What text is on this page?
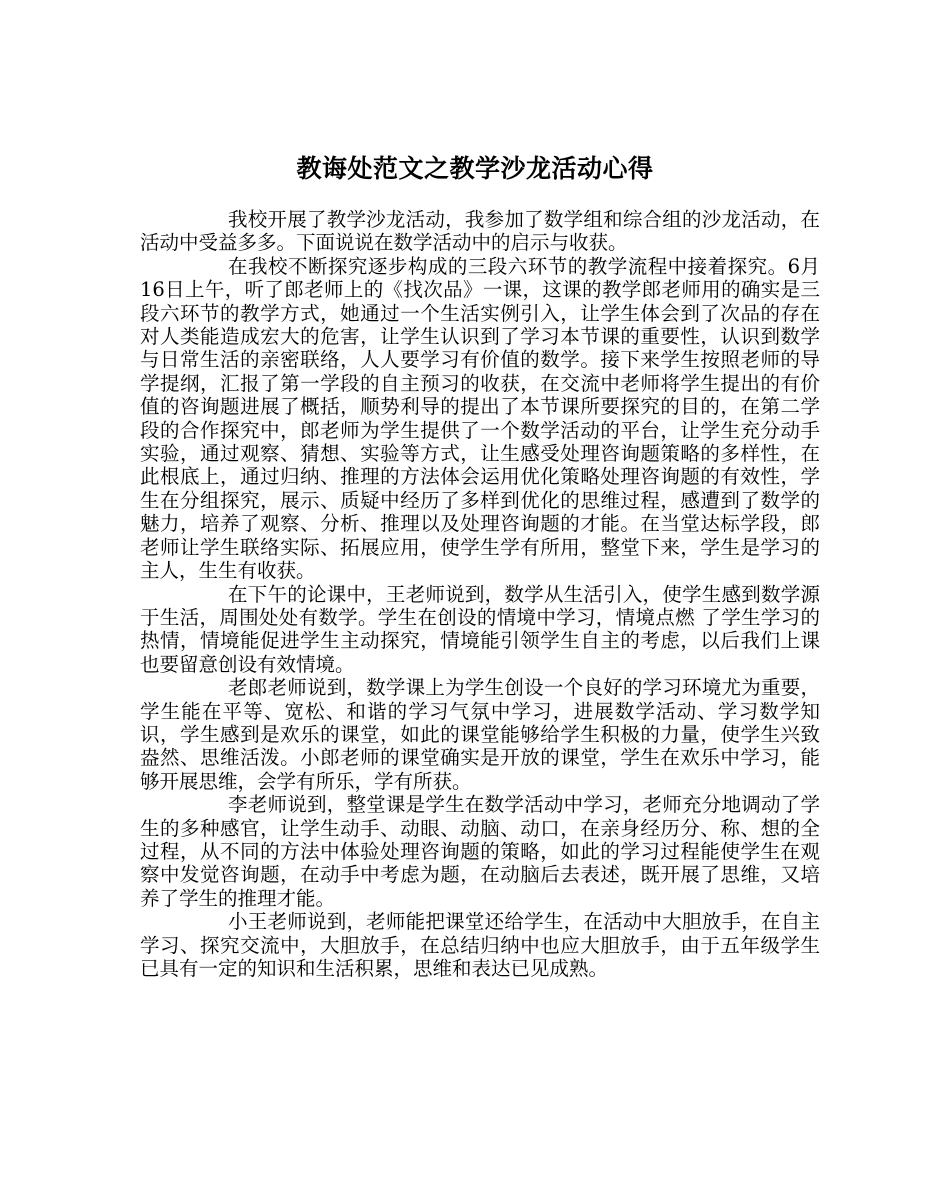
教诲处范文之教学沙龙活动心得

我校开展了教学沙龙活动，我参加了数学组和综合组的沙龙活动，在活动中受益多多。下面说说在数学活动中的启示与收获。

在我校不断探究逐步构成的三段六环节的教学流程中接着探究。6月16日上午，听了郎老师上的《找次品》一课，这课的教学郎老师用的确实是三段六环节的教学方式，她通过一个生活实例引入，让学生体会到了次品的存在对人类能造成宏大的危害，让学生认识到了学习本节课的重要性，认识到数学与日常生活的亲密联络，人人要学习有价值的数学。接下来学生按照老师的导学提纲，汇报了第一学段的自主预习的收获，在交流中老师将学生提出的有价值的咨询题进展了概括，顺势利导的提出了本节课所要探究的目的，在第二学段的合作探究中，郎老师为学生提供了一个数学活动的平台，让学生充分动手实验，通过观察、猜想、实验等方式，让生感受处理咨询题策略的多样性，在此根底上，通过归纳、推理的方法体会运用优化策略处理咨询题的有效性，学生在分组探究，展示、质疑中经历了多样到优化的思维过程，感遭到了数学的魅力，培养了观察、分析、推理以及处理咨询题的才能。在当堂达标学段，郎老师让学生联络实际、拓展应用，使学生学有所用，整堂下来，学生是学习的主人，生生有收获。

在下午的论课中，王老师说到，数学从生活引入，使学生感到数学源于生活，周围处处有数学。学生在创设的情境中学习，情境点燃 了学生学习的热情，情境能促进学生主动探究，情境能引领学生自主的考虑，以后我们上课也要留意创设有效情境。

老郎老师说到，数学课上为学生创设一个良好的学习环境尤为重要，学生能在平等、宽松、和谐的学习气氛中学习，进展数学活动、学习数学知识，学生感到是欢乐的课堂，如此的课堂能够给学生积极的力量，使学生兴致盎然、思维活泼。小郎老师的课堂确实是开放的课堂，学生在欢乐中学习，能够开展思维，会学有所乐，学有所获。

李老师说到，整堂课是学生在数学活动中学习，老师充分地调动了学生的多种感官，让学生动手、动眼、动脑、动口，在亲身经历分、称、想的全过程，从不同的方法中体验处理咨询题的策略，如此的学习过程能使学生在观察中发觉咨询题，在动手中考虑为题，在动脑后去表述，既开展了思维，又培养了学生的推理才能。

小王老师说到，老师能把课堂还给学生，在活动中大胆放手，在自主学习、探究交流中，大胆放手，在总结归纳中也应大胆放手，由于五年级学生已具有一定的知识和生活积累，思维和表达已见成熟。
